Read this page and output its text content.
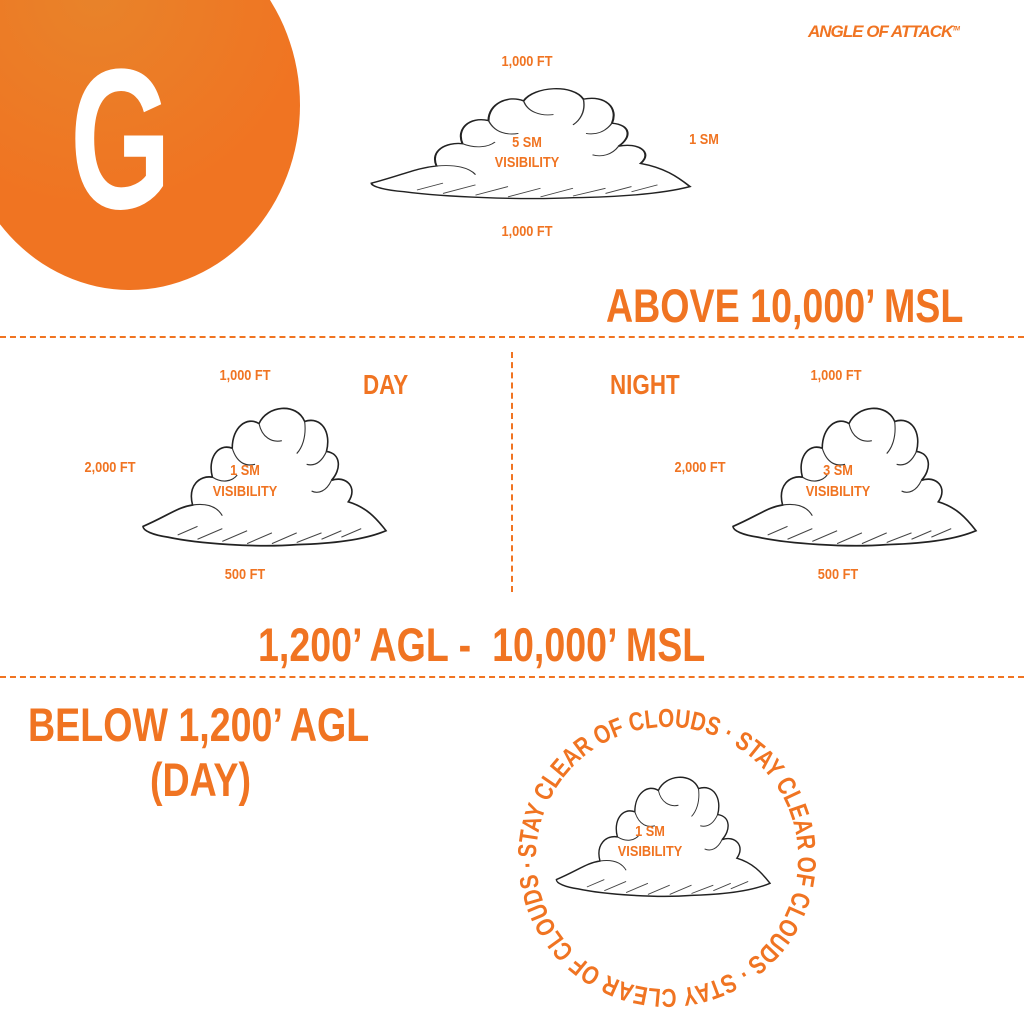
G	ANGLE OF ATTACK™
1,000 FT
5 SM
VISIBILITY
1 SM
1,000 FT
ABOVE 10,000’ MSL
DAY
1,000 FT
2,000 FT	1 SM
VISIBILITY
500 FT
NIGHT	1,000 FT
2,000 FT	3 SM
VISIBILITY
500 FT
1,200’ AGL -  10,000’ MSL
BELOW 1,200’ AGL
(DAY)
STAY CLEAR OF CLOUDS · STAY CLEAR OF CLOUDS · STAY CLEAR OF CLOUDS ·
1 SM
VISIBILITY
